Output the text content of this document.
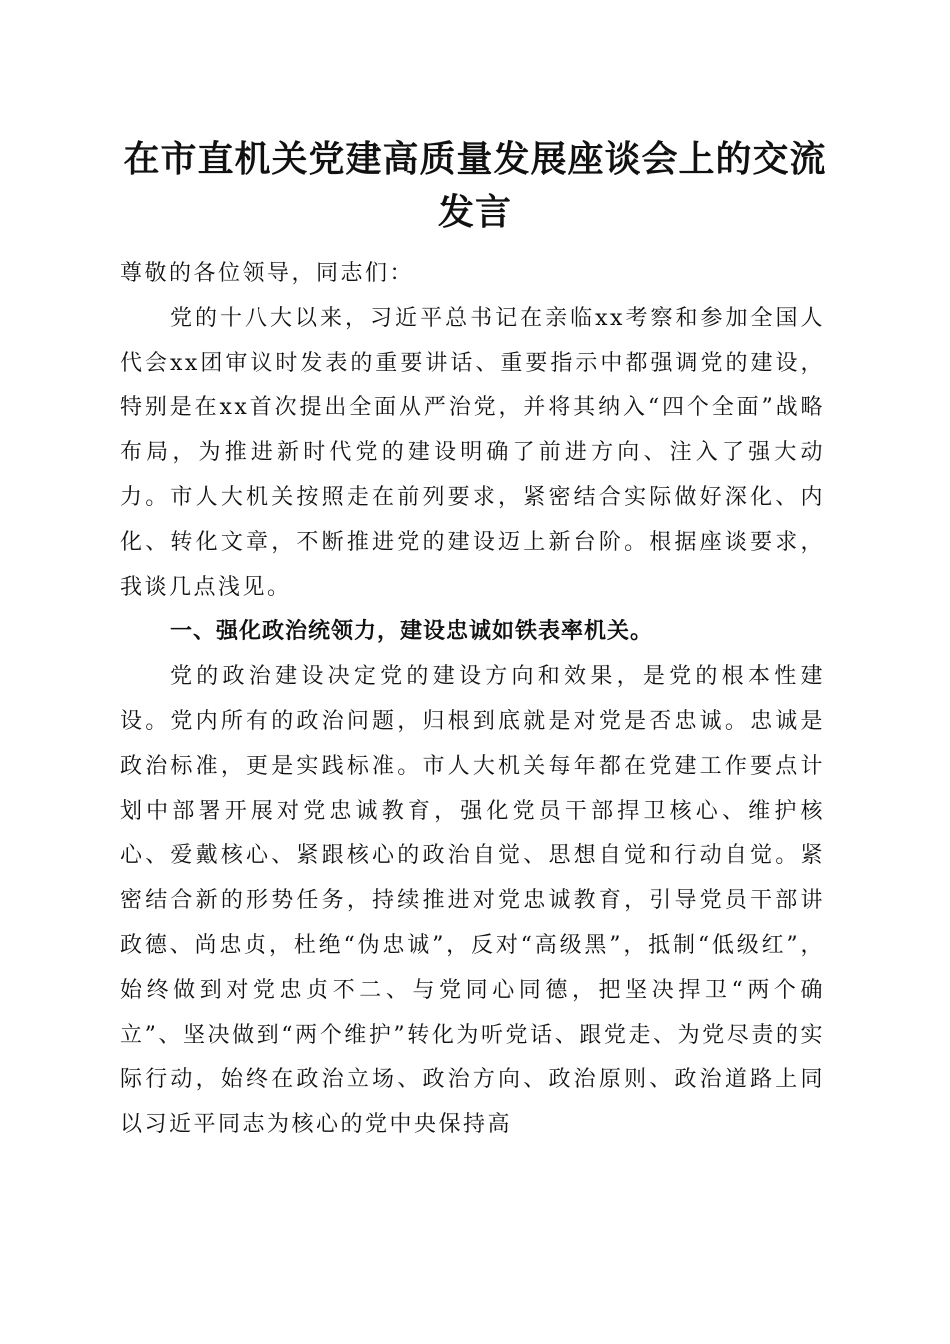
在市直机关党建高质量发展座谈会上的交流发言

尊敬的各位领导，同志们：

党的十八大以来，习近平总书记在亲临xx考察和参加全国人代会xx团审议时发表的重要讲话、重要指示中都强调党的建设，特别是在xx首次提出全面从严治党，并将其纳入“四个全面”战略布局，为推进新时代党的建设明确了前进方向、注入了强大动力。市人大机关按照走在前列要求，紧密结合实际做好深化、内化、转化文章，不断推进党的建设迈上新台阶。根据座谈要求，我谈几点浅见。

一、强化政治统领力，建设忠诚如铁表率机关。

党的政治建设决定党的建设方向和效果，是党的根本性建设。党内所有的政治问题，归根到底就是对党是否忠诚。忠诚是政治标准，更是实践标准。市人大机关每年都在党建工作要点计划中部署开展对党忠诚教育，强化党员干部捍卫核心、维护核心、爱戴核心、紧跟核心的政治自觉、思想自觉和行动自觉。紧密结合新的形势任务，持续推进对党忠诚教育，引导党员干部讲政德、尚忠贞，杜绝“伪忠诚”，反对“高级黑”，抵制“低级红”，始终做到对党忠贞不二、与党同心同德，把坚决捍卫“两个确立”、坚决做到“两个维护”转化为听党话、跟党走、为党尽责的实际行动，始终在政治立场、政治方向、政治原则、政治道路上同以习近平同志为核心的党中央保持高
